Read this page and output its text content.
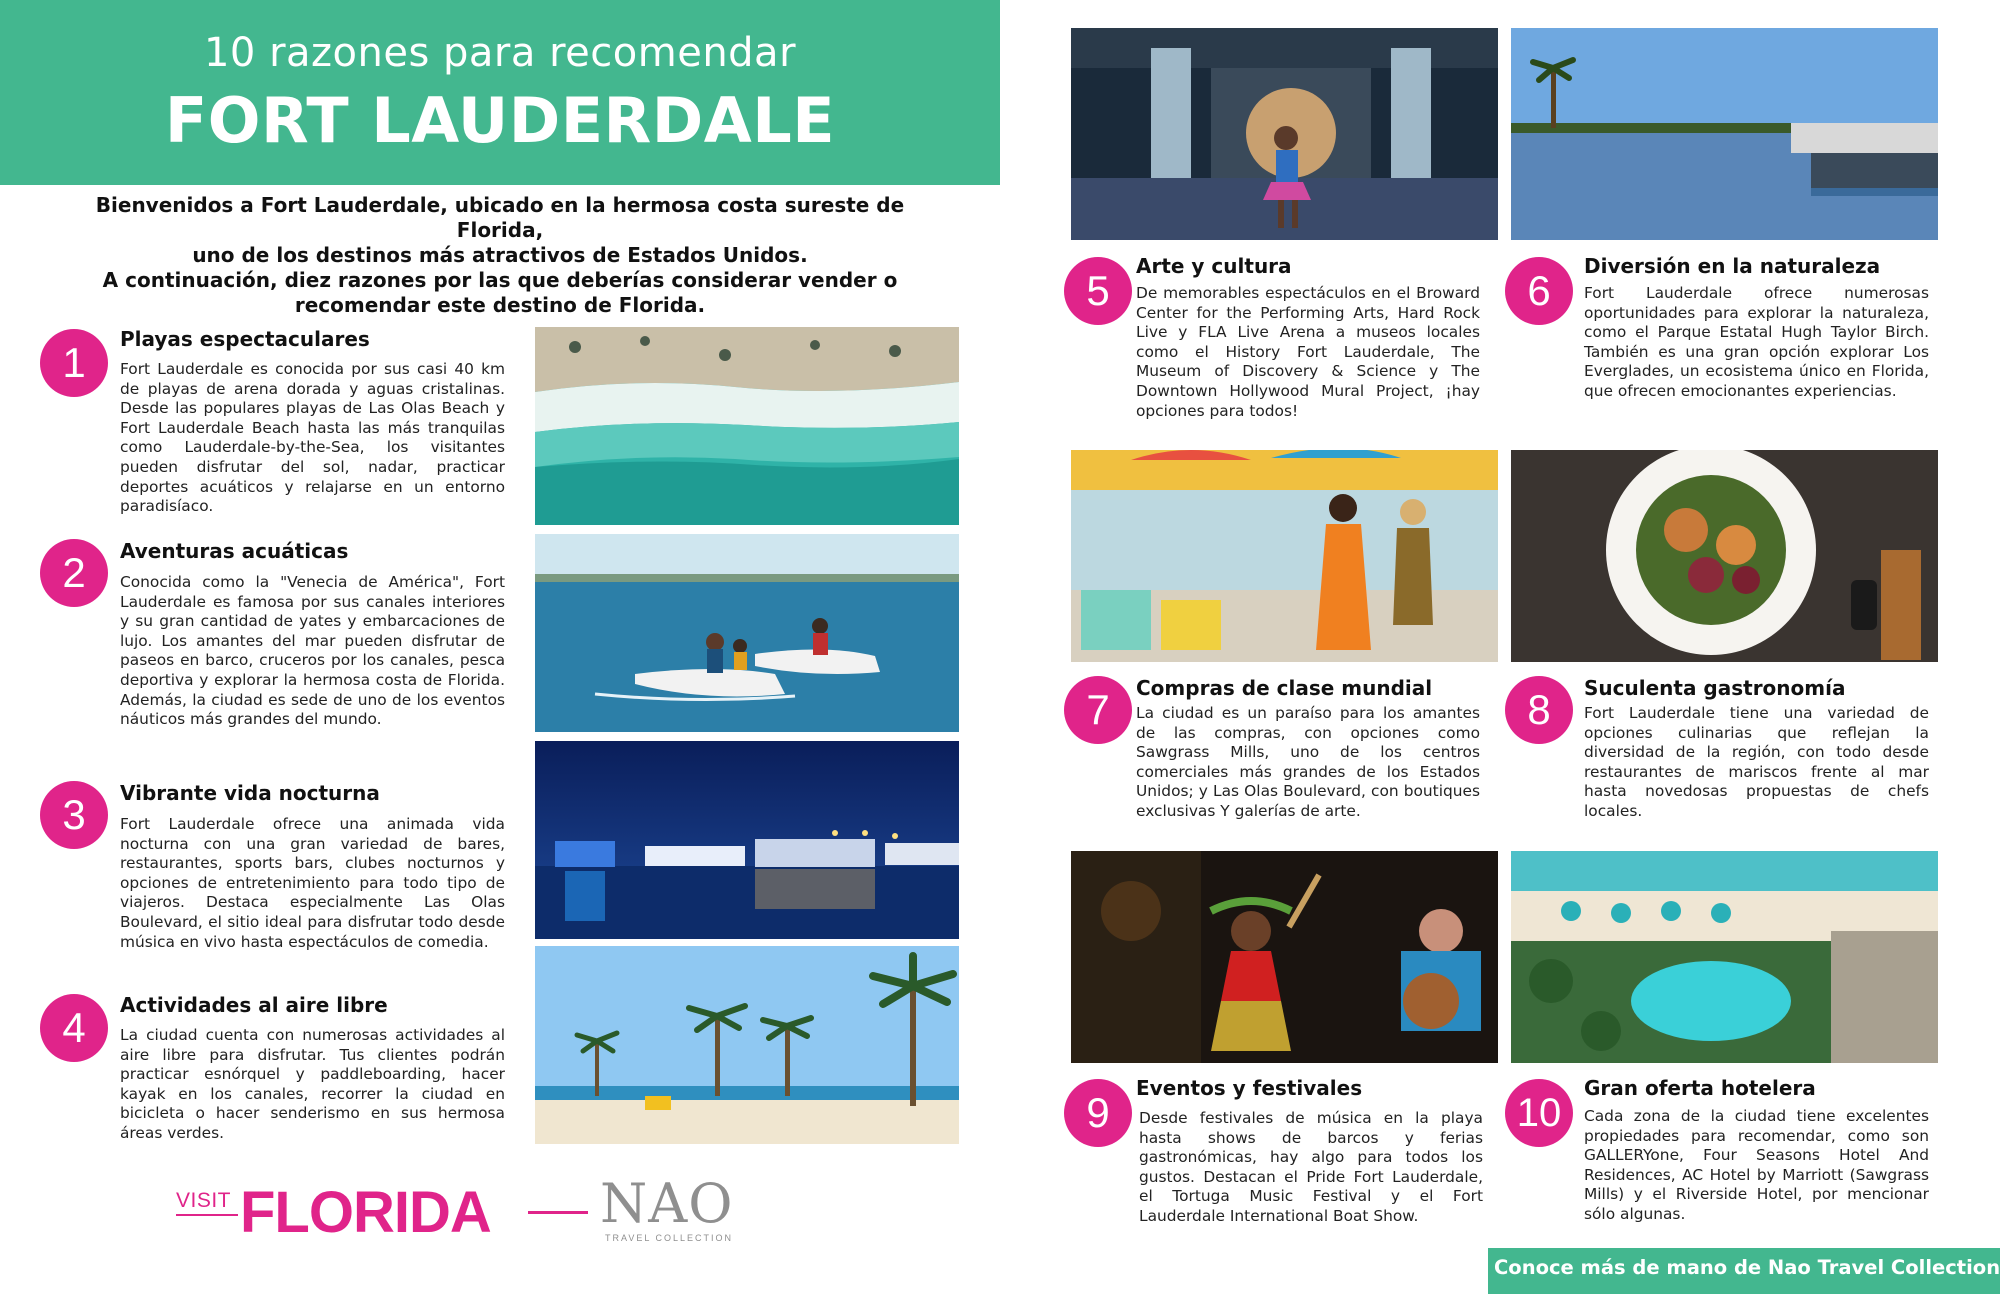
10 razones para recomendar
FORT LAUDERDALE

Bienvenidos a Fort Lauderdale, ubicado en la hermosa costa sureste de Florida,

uno de los destinos más atractivos de Estados Unidos.

A continuación, diez razones por las que deberías considerar vender o

recomendar este destino de Florida.

1	Playas espectaculares
Fort Lauderdale es conocida por sus casi 40 km de playas de arena dorada y aguas cristalinas. Desde las populares playas de Las Olas Beach y Fort Lauderdale Beach hasta las más tranquilas como Lauderdale-by-the-Sea, los visitantes pueden disfrutar del sol, nadar, practicar deportes acuáticos y relajarse en un entorno paradisíaco.
2	Aventuras acuáticas
Conocida como la "Venecia de América", Fort Lauderdale es famosa por sus canales interiores y su gran cantidad de yates y embarcaciones de lujo. Los amantes del mar pueden disfrutar de paseos en barco, cruceros por los canales, pesca deportiva y explorar la hermosa costa de Florida. Además, la ciudad es sede de uno de los eventos náuticos más grandes del mundo.
3	Vibrante vida nocturna
Fort Lauderdale ofrece una animada vida nocturna con una gran variedad de bares, restaurantes, sports bars, clubes nocturnos y opciones de entretenimiento para todo tipo de viajeros. Destaca especialmente Las Olas Boulevard, el sitio ideal para disfrutar todo desde música en vivo hasta espectáculos de comedia.
4	Actividades al aire libre
La ciudad cuenta con numerosas actividades al aire libre para disfrutar. Tus clientes podrán practicar esnórquel y paddleboarding, hacer kayak en los canales, recorrer la ciudad en bicicleta o hacer senderismo en sus hermosa áreas verdes.
VISIT FLORIDA NAO
TRAVEL COLLECTION
5
Arte y cultura
De memorables espectáculos en el Broward Center for the Performing Arts, Hard Rock Live y FLA Live Arena a museos locales como el History Fort Lauderdale, The Museum of Discovery & Science y The Downtown Hollywood Mural Project, ¡hay opciones para todos!
6
Diversión en la naturaleza
Fort Lauderdale ofrece numerosas oportunidades para explorar la naturaleza, como el Parque Estatal Hugh Taylor Birch. También es una gran opción explorar Los Everglades, un ecosistema único en Florida, que ofrecen emocionantes experiencias.
7	Compras de clase mundial
La ciudad es un paraíso para los amantes de las compras, con opciones como Sawgrass Mills, uno de los centros comerciales más grandes de los Estados Unidos; y Las Olas Boulevard, con boutiques exclusivas Y galerías de arte.
8	Suculenta gastronomía
Fort Lauderdale tiene una variedad de opciones culinarias que reflejan la diversidad de la región, con todo desde restaurantes de mariscos frente al mar hasta novedosas propuestas de chefs locales.
9
Eventos y festivales
Desde festivales de música en la playa hasta shows de barcos y ferias gastronómicas, hay algo para todos los gustos. Destacan el Pride Fort Lauderdale, el Tortuga Music Festival y el Fort Lauderdale International Boat Show.
10
Gran oferta hotelera
Cada zona de la ciudad tiene excelentes propiedades para recomendar, como son GALLERYone, Four Seasons Hotel And Residences, AC Hotel by Marriott (Sawgrass Mills) y el Riverside Hotel, por mencionar sólo algunas.
Conoce más de mano de Nao Travel Collection
